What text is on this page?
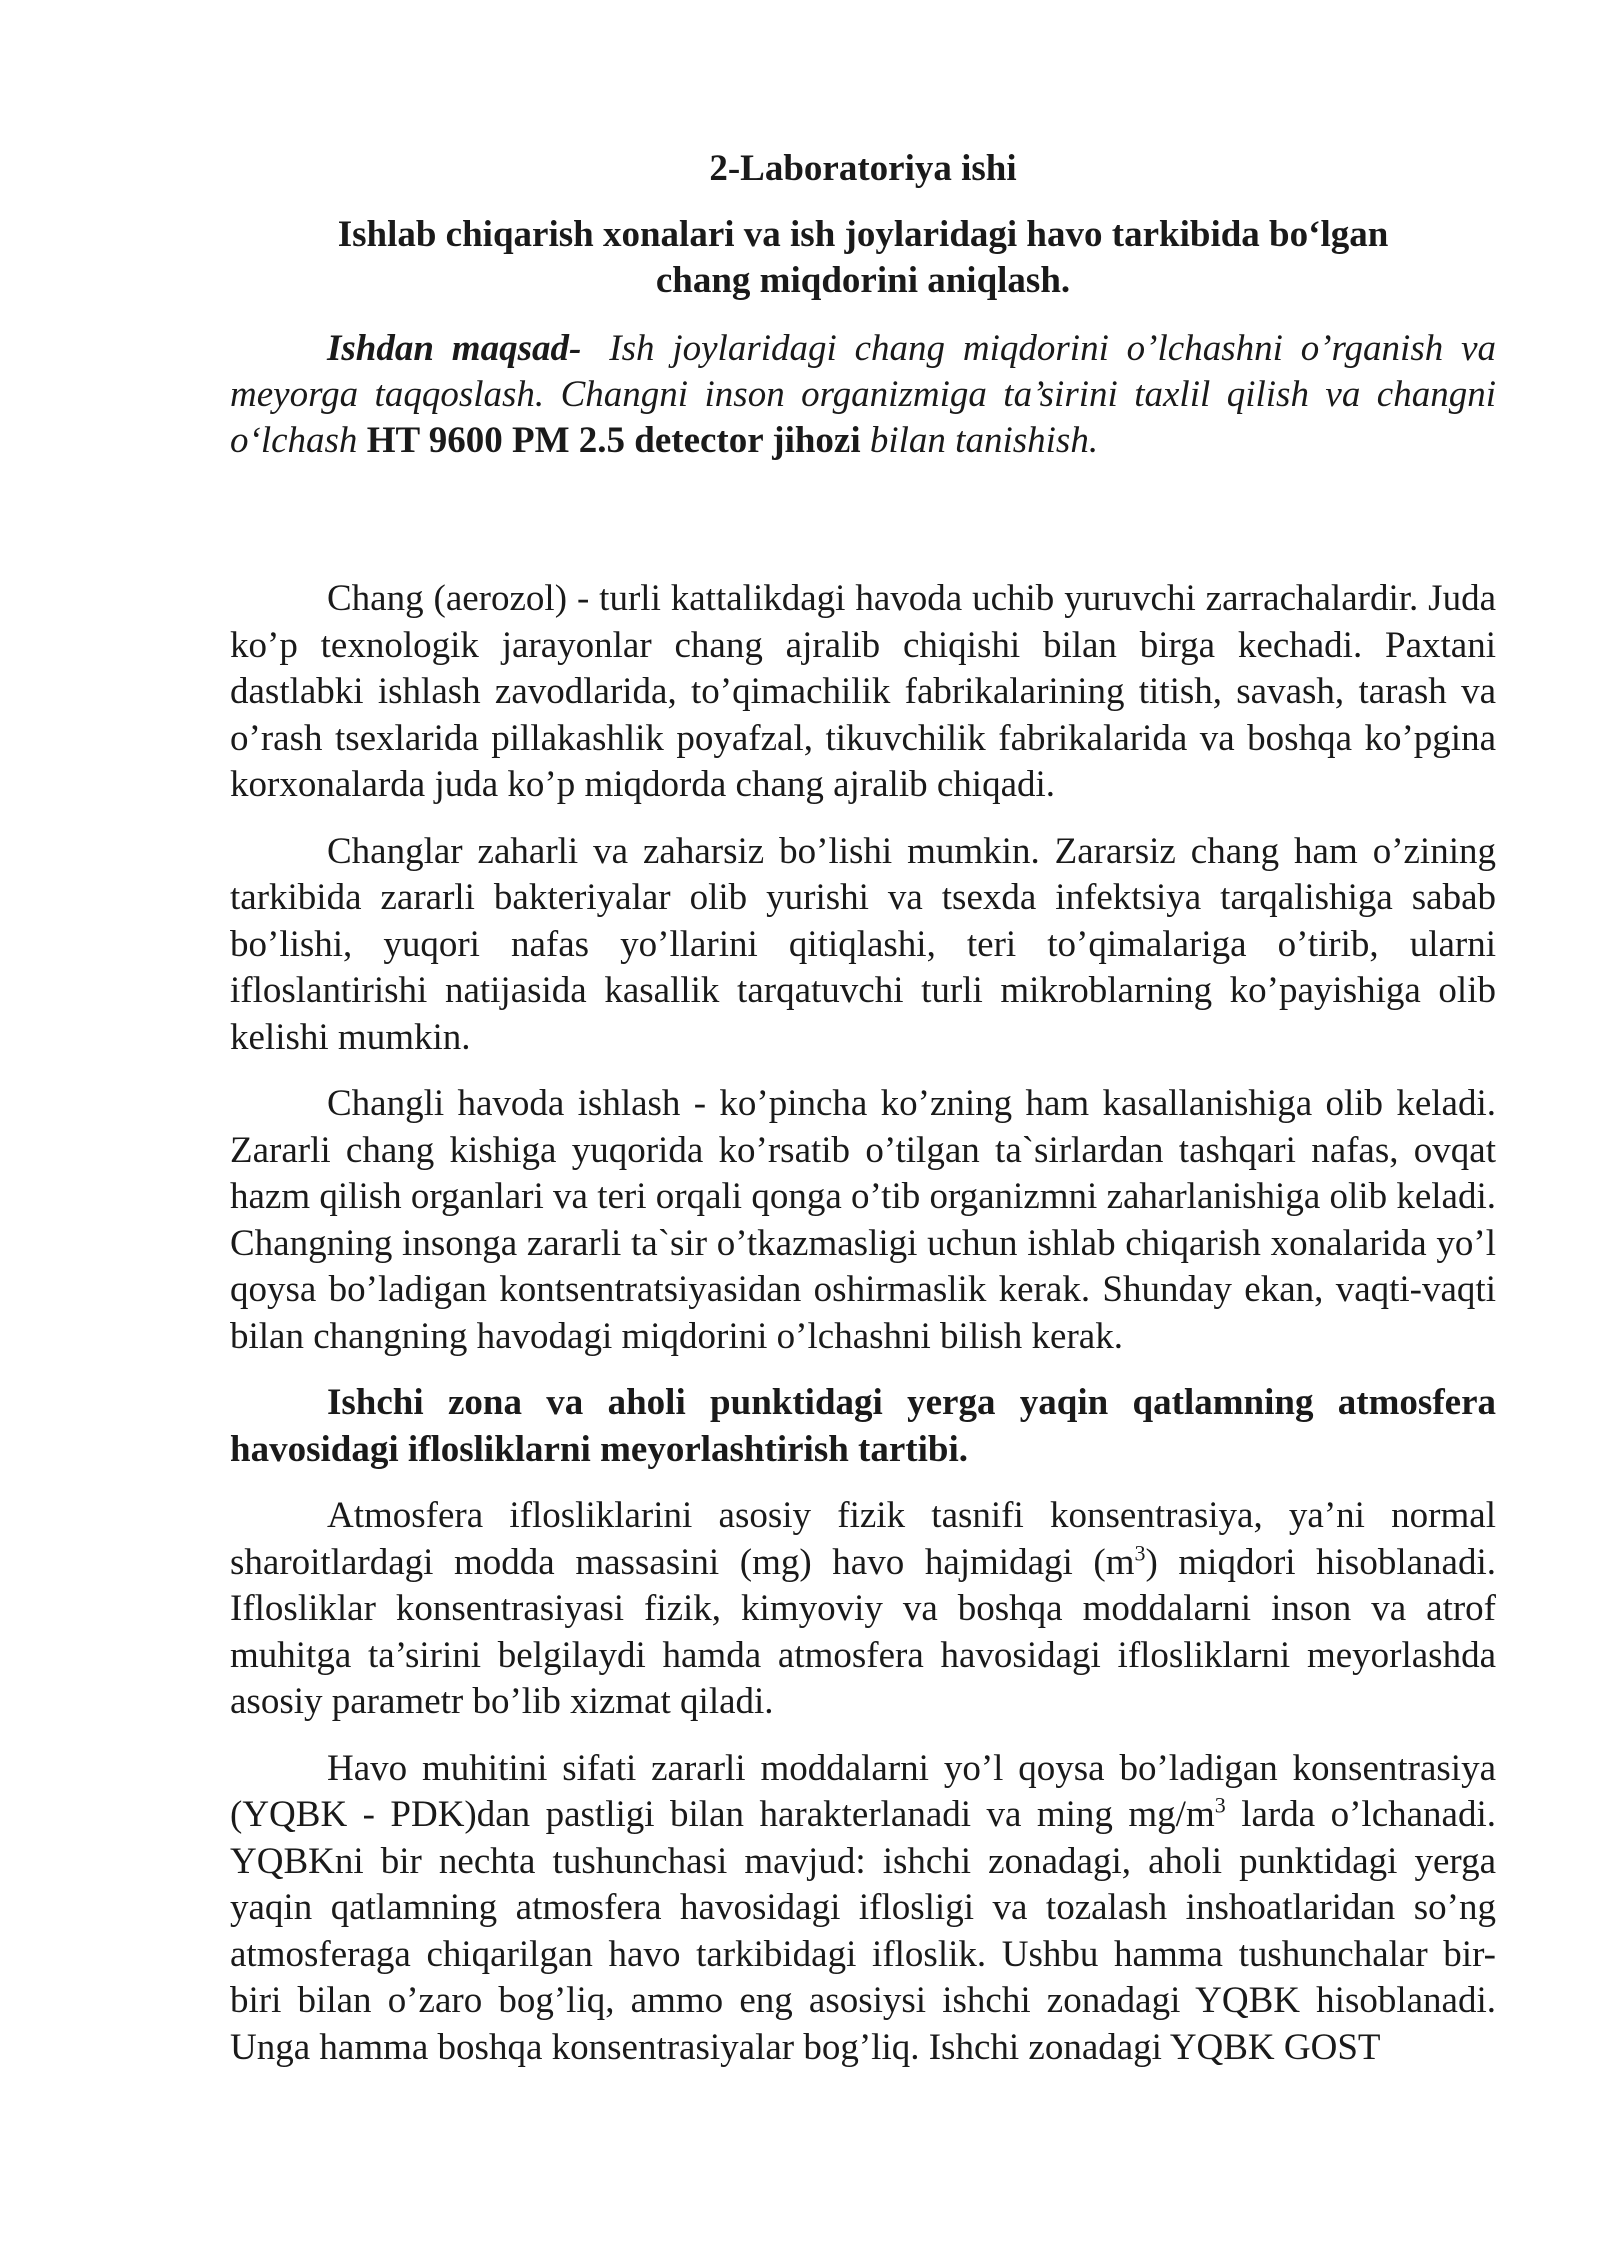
2-Laboratoriya ishi
Ishlab chiqarish xonalari va ish joylaridagi havo tarkibida bo‘lgan
chang miqdorini aniqlash.

Ishdan maqsad- Ish joylaridagi chang miqdorini o’lchashni o’rganish va meyorga taqqoslash. Changni inson organizmiga ta’sirini taxlil qilish va changni o‘lchash HT 9600 PM 2.5 detector jihozi bilan tanishish.

Chang (aerozol) - turli kattalikdagi havoda uchib yuruvchi zarrachalardir. Juda ko’p texnologik jarayonlar chang ajralib chiqishi bilan birga kechadi. Paxtani dastlabki ishlash zavodlarida, to’qimachilik fabrikalarining titish, savash, tarash va o’rash tsexlarida pillakashlik poyafzal, tikuvchilik fabrikalarida va boshqa ko’pgina korxonalarda juda ko’p miqdorda chang ajralib chiqadi.

Changlar zaharli va zaharsiz bo’lishi mumkin. Zararsiz chang ham o’zining tarkibida zararli bakteriyalar olib yurishi va tsexda infektsiya tarqalishiga sabab bo’lishi, yuqori nafas yo’llarini qitiqlashi, teri to’qimalariga o’tirib, ularni ifloslantirishi natijasida kasallik tarqatuvchi turli mikroblarning ko’payishiga olib kelishi mumkin.

Changli havoda ishlash - ko’pincha ko’zning ham kasallanishiga olib keladi. Zararli chang kishiga yuqorida ko’rsatib o’tilgan ta`sirlardan tashqari nafas, ovqat hazm qilish organlari va teri orqali qonga o’tib organizmni zaharlanishiga olib keladi. Changning insonga zararli ta`sir o’tkazmasligi uchun ishlab chiqarish xonalarida yo’l qoysa bo’ladigan kontsentratsiyasidan oshirmaslik kerak. Shunday ekan, vaqti-vaqti bilan changning havodagi miqdorini o’lchashni bilish kerak.

Ishchi zona va aholi punktidagi yerga yaqin qatlamning atmosfera havosidagi iflosliklarni meyorlashtirish tartibi.

Atmosfera iflosliklarini asosiy fizik tasnifi konsentrasiya, ya’ni normal sharoitlardagi modda massasini (mg) havo hajmidagi $(m^3)$ miqdori hisoblanadi. Iflosliklar konsentrasiyasi fizik, kimyoviy va boshqa moddalarni inson va atrof muhitga ta’sirini belgilaydi hamda atmosfera havosidagi iflosliklarni meyorlashda asosiy parametr bo’lib xizmat qiladi.

Havo muhitini sifati zararli moddalarni yo’l qoysa bo’ladigan konsentrasiya (YQBK - PDK)dan pastligi bilan harakterlanadi va ming $mg/m^3$ larda o’lchanadi. YQBKni bir nechta tushunchasi mavjud: ishchi zonadagi, aholi punktidagi yerga yaqin qatlamning atmosfera havosidagi iflosligi va tozalash inshoatlaridan so’ng atmosferaga chiqarilgan havo tarkibidagi ifloslik. Ushbu hamma tushunchalar bir-biri bilan o’zaro bog’liq, ammo eng asosiysi ishchi zonadagi YQBK hisoblanadi. Unga hamma boshqa konsentrasiyalar bog’liq. Ishchi zonadagi YQBK GOST
